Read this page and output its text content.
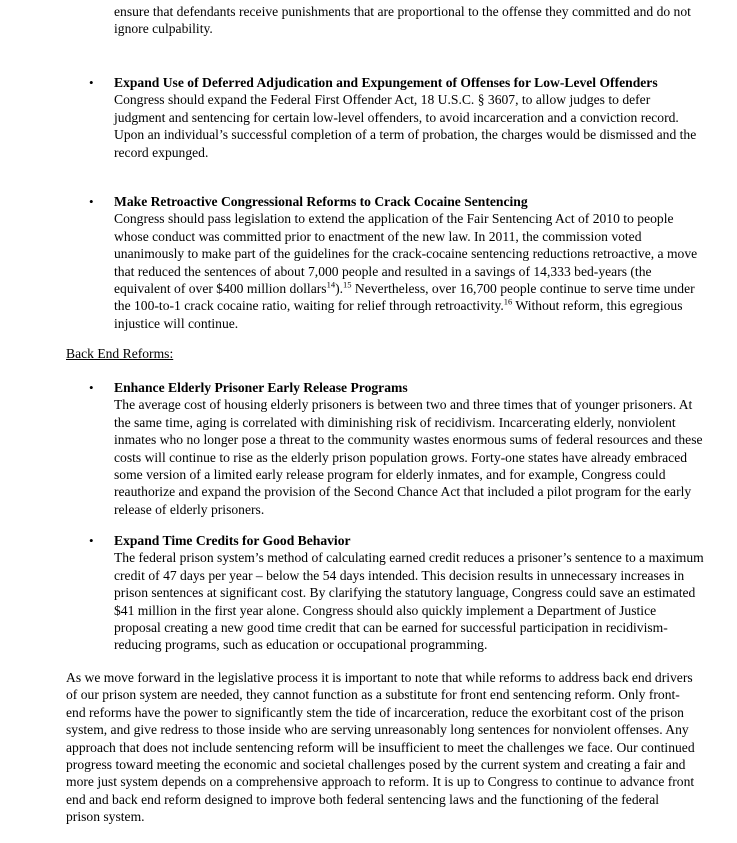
ensure that defendants receive punishments that are proportional to the offense they committed and do not ignore culpability.
• Expand Use of Deferred Adjudication and Expungement of Offenses for Low-Level Offenders
Congress should expand the Federal First Offender Act, 18 U.S.C. § 3607, to allow judges to defer judgment and sentencing for certain low-level offenders, to avoid incarceration and a conviction record. Upon an individual’s successful completion of a term of probation, the charges would be dismissed and the record expunged.
• Make Retroactive Congressional Reforms to Crack Cocaine Sentencing
Congress should pass legislation to extend the application of the Fair Sentencing Act of 2010 to people whose conduct was committed prior to enactment of the new law. In 2011, the commission voted unanimously to make part of the guidelines for the crack-cocaine sentencing reductions retroactive, a move that reduced the sentences of about 7,000 people and resulted in a savings of 14,333 bed-years (the equivalent of over $400 million dollars$^{14}$).$^{15}$ Nevertheless, over 16,700 people continue to serve time under the 100-to-1 crack cocaine ratio, waiting for relief through retroactivity.$^{16}$ Without reform, this egregious injustice will continue.
Back End Reforms:
• Enhance Elderly Prisoner Early Release Programs
The average cost of housing elderly prisoners is between two and three times that of younger prisoners. At the same time, aging is correlated with diminishing risk of recidivism. Incarcerating elderly, nonviolent inmates who no longer pose a threat to the community wastes enormous sums of federal resources and these costs will continue to rise as the elderly prison population grows. Forty-one states have already embraced some version of a limited early release program for elderly inmates, and for example, Congress could reauthorize and expand the provision of the Second Chance Act that included a pilot program for the early release of elderly prisoners.
• Expand Time Credits for Good Behavior
The federal prison system’s method of calculating earned credit reduces a prisoner’s sentence to a maximum credit of 47 days per year – below the 54 days intended. This decision results in unnecessary increases in prison sentences at significant cost. By clarifying the statutory language, Congress could save an estimated $41 million in the first year alone. Congress should also quickly implement a Department of Justice proposal creating a new good time credit that can be earned for successful participation in recidivism-reducing programs, such as education or occupational programming.
As we move forward in the legislative process it is important to note that while reforms to address back end drivers of our prison system are needed, they cannot function as a substitute for front end sentencing reform. Only front-end reforms have the power to significantly stem the tide of incarceration, reduce the exorbitant cost of the prison system, and give redress to those inside who are serving unreasonably long sentences for nonviolent offenses. Any approach that does not include sentencing reform will be insufficient to meet the challenges we face. Our continued progress toward meeting the economic and societal challenges posed by the current system and creating a fair and more just system depends on a comprehensive approach to reform. It is up to Congress to continue to advance front end and back end reform designed to improve both federal sentencing laws and the functioning of the federal prison system.
